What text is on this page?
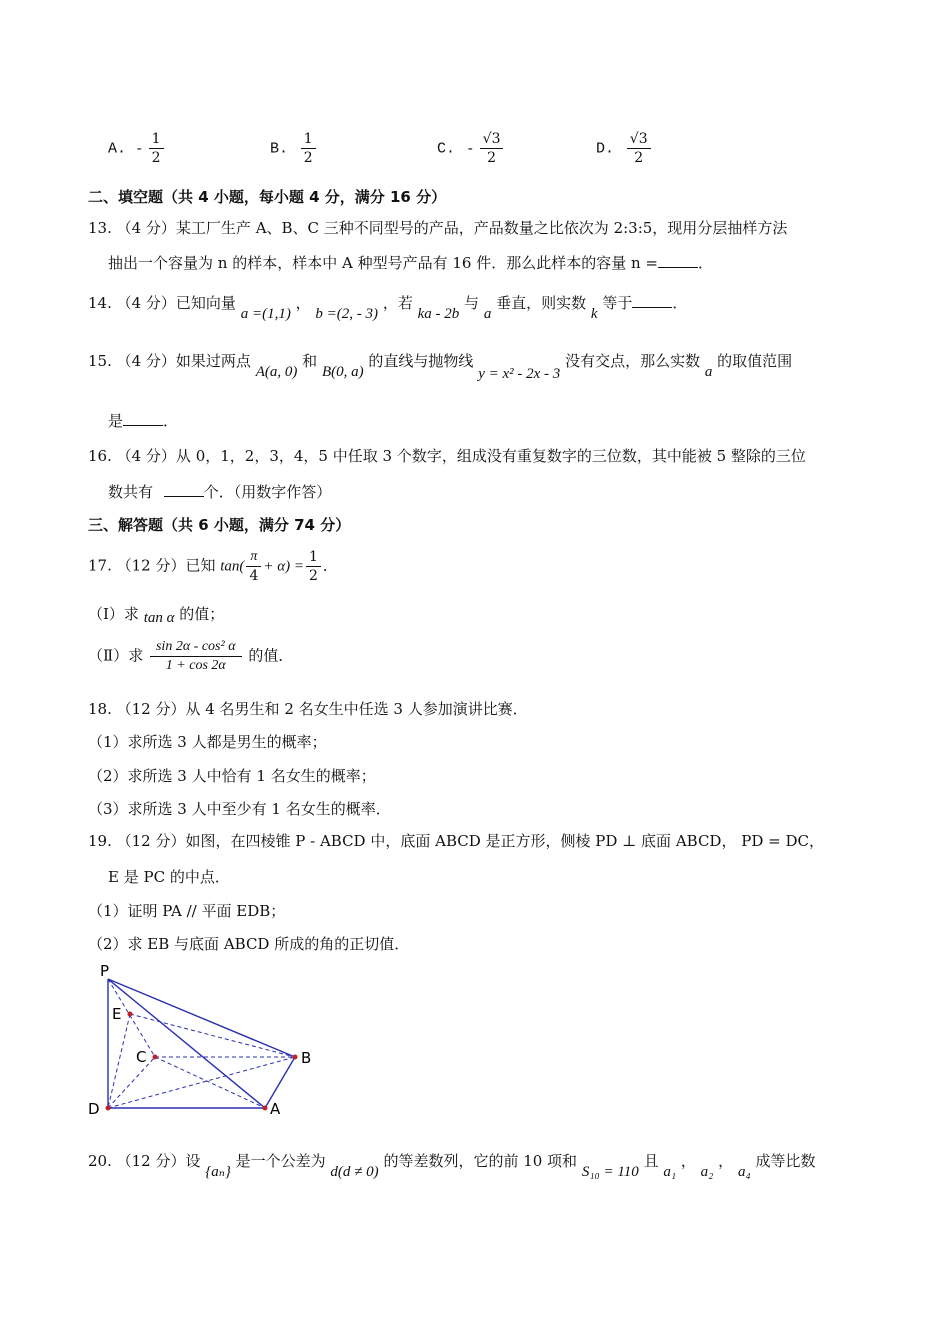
A. - $\frac{1}{2}$	B. $\frac{1}{2}$	C. - $\frac{√3}{2}$	D. $\frac{√3}{2}$
二、填空题（共 4 小题，每小题 4 分，满分 16 分）
13. （4 分）某工厂生产 A、B、C 三种不同型号的产品，产品数量之比依次为 2:3:5，现用分层抽样方法
抽出一个容量为 n 的样本，样本中 A 种型号产品有 16 件．那么此样本的容量 n =	．
14. （4 分）已知向量 a =(1,1) ， b =(2, - 3) ，若 ka - 2b 与 a 垂直，则实数 k 等于	．
15. （4 分）如果过两点 A(a, 0) 和 B(0, a) 的直线与抛物线 y = x² - 2x - 3 没有交点，那么实数 a 的取值范围
是	．
16. （4 分）从 0，1，2，3，4，5 中任取 3 个数字，组成没有重复数字的三位数，其中能被 5 整除的三位
数共有	个．（用数字作答）
三、解答题（共 6 小题，满分 74 分）
17. （12 分）已知 $\tan( \frac{\pi}{4} + \alpha) = \frac{1}{2}$ ．
（Ⅰ）求 tan α 的值；
（Ⅱ）求 $\frac{\text{sin 2α - cos² α}}{1 + \cos 2\alpha}$ 的值．
18. （12 分）从 4 名男生和 2 名女生中任选 3 人参加演讲比赛．
（1）求所选 3 人都是男生的概率；
（2）求所选 3 人中恰有 1 名女生的概率；
（3）求所选 3 人中至少有 1 名女生的概率．
19. （12 分）如图，在四棱锥 P - ABCD 中，底面 ABCD 是正方形，侧棱 PD ⊥ 底面 ABCD， PD = DC，
E 是 PC 的中点．
（1）证明 PA // 平面 EDB；
（2）求 EB 与底面 ABCD 所成的角的正切值．
P
E
C	B
D	A
20. （12 分）设 {aₙ} 是一个公差为 d(d ≠ 0) 的等差数列，它的前 10 项和 S₁₀ = 110 且 a₁ ， a₂ ， a₄ 成等比数
